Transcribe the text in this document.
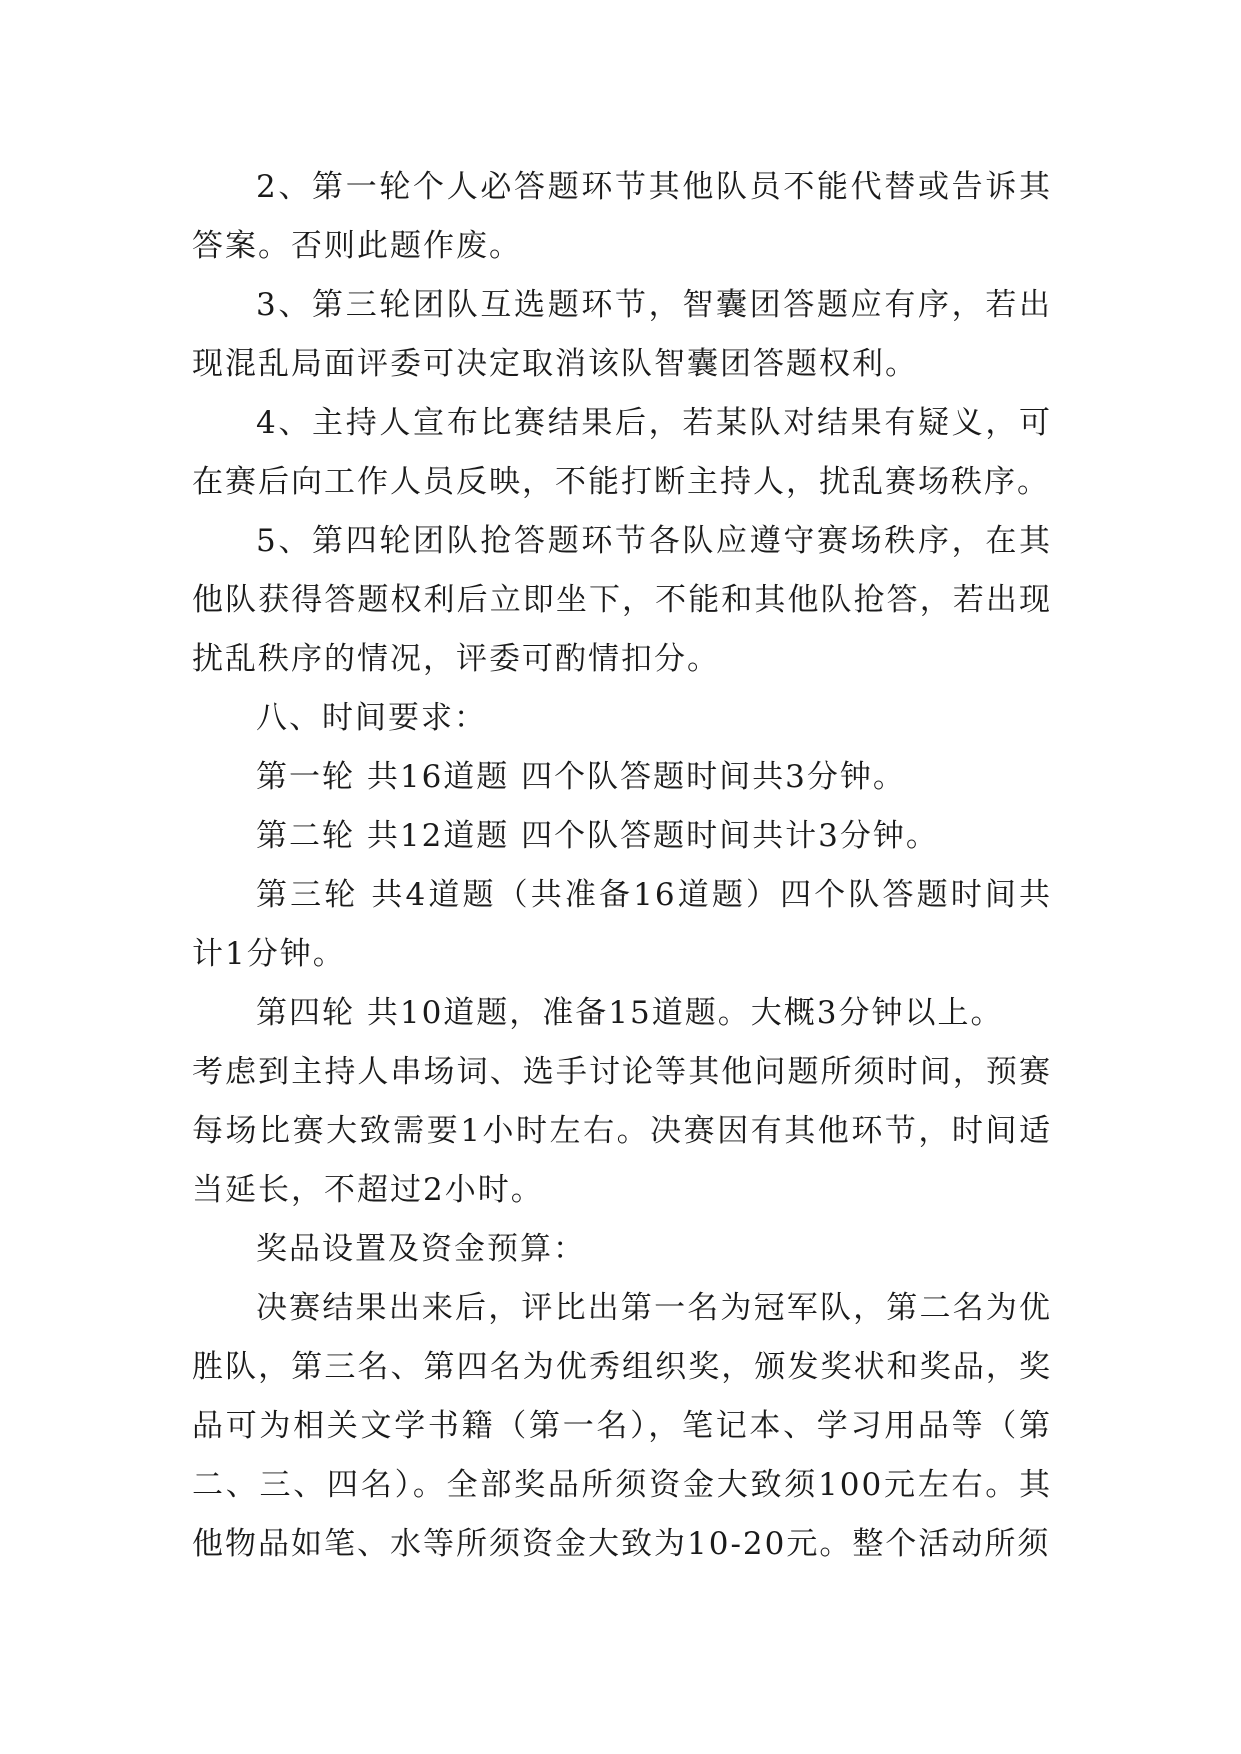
2、第一轮个人必答题环节其他队员不能代替或告诉其答案。否则此题作废。

3、第三轮团队互选题环节，智囊团答题应有序，若出现混乱局面评委可决定取消该队智囊团答题权利。

4、主持人宣布比赛结果后，若某队对结果有疑义，可在赛后向工作人员反映，不能打断主持人，扰乱赛场秩序。

5、第四轮团队抢答题环节各队应遵守赛场秩序，在其他队获得答题权利后立即坐下，不能和其他队抢答，若出现扰乱秩序的情况，评委可酌情扣分。

八、时间要求：

第一轮 共16道题 四个队答题时间共3分钟。

第二轮 共12道题 四个队答题时间共计3分钟。

第三轮 共4道题（共准备16道题）四个队答题时间共计1分钟。

第四轮 共10道题，准备15道题。大概3分钟以上。

考虑到主持人串场词、选手讨论等其他问题所须时间，预赛每场比赛大致需要1小时左右。决赛因有其他环节，时间适当延长，不超过2小时。

奖品设置及资金预算：

决赛结果出来后，评比出第一名为冠军队，第二名为优胜队，第三名、第四名为优秀组织奖，颁发奖状和奖品，奖品可为相关文学书籍（第一名），笔记本、学习用品等（第二、三、四名）。全部奖品所须资金大致须100元左右。其他物品如笔、水等所须资金大致为10-20元。整个活动所须
